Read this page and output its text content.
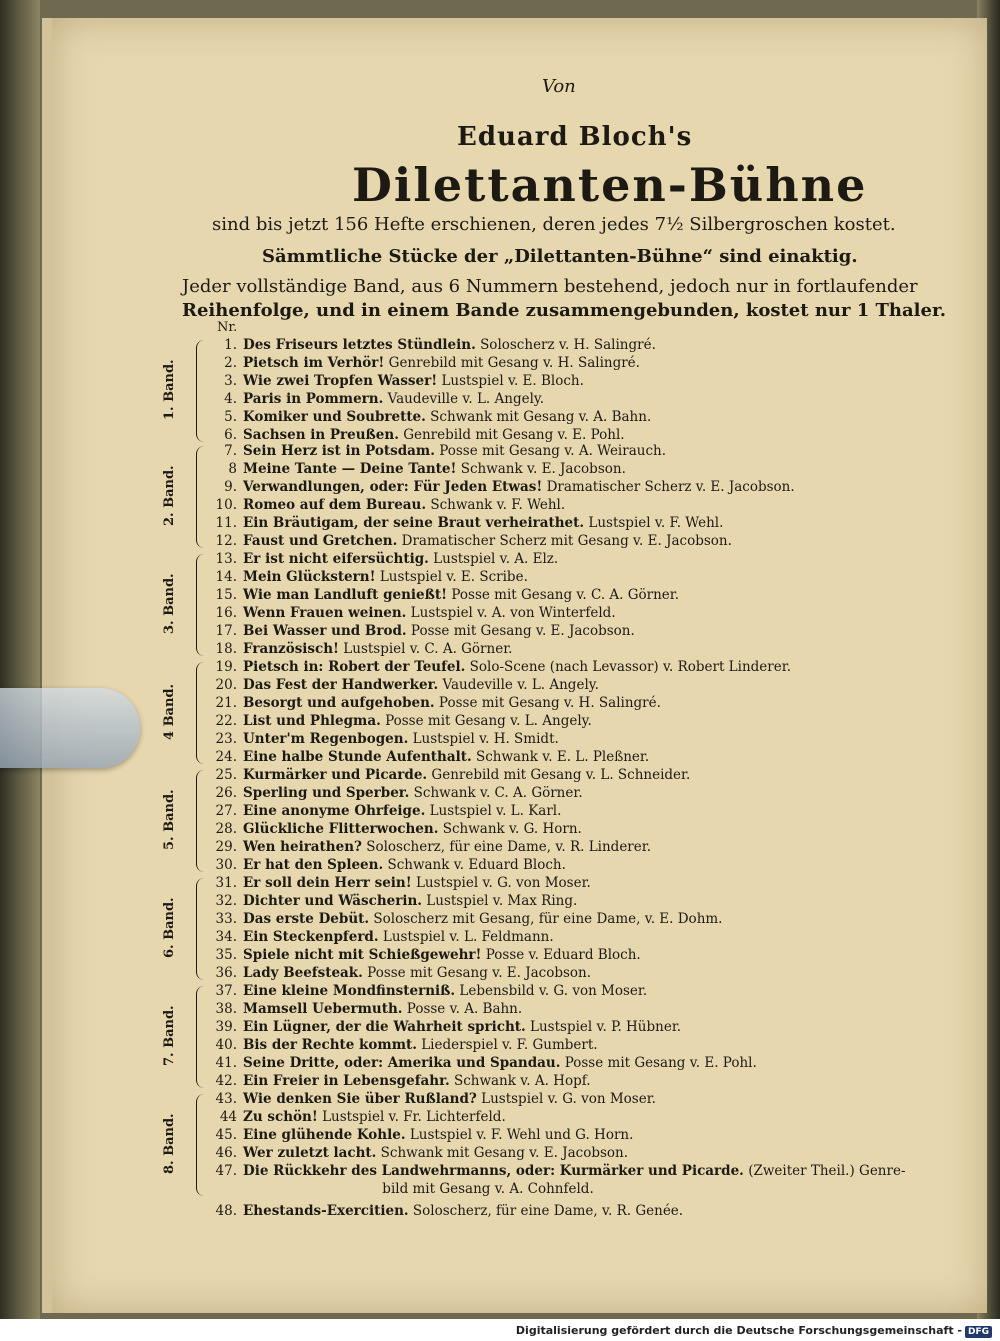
Von
Eduard Bloch's
Dilettanten-Bühne
sind bis jetzt 156 Hefte erschienen, deren jedes 7½ Silbergroschen kostet.
Sämmtliche Stücke der „Dilettanten-Bühne“ sind einaktig.
Jeder vollständige Band, aus 6 Nummern bestehend, jedoch nur in fortlaufender
Reihenfolge, und in einem Bande zusammengebunden, kostet nur 1 Thaler.
Nr.
1. Band.
1. Des Friseurs letztes Stündlein. Soloscherz v. H. Salingré.
2. Pietsch im Verhör! Genrebild mit Gesang v. H. Salingré.
3. Wie zwei Tropfen Wasser! Lustspiel v. E. Bloch.
4. Paris in Pommern. Vaudeville v. L. Angely.
5. Komiker und Soubrette. Schwank mit Gesang v. A. Bahn.
6. Sachsen in Preußen. Genrebild mit Gesang v. E. Pohl.
2. Band.
7. Sein Herz ist in Potsdam. Posse mit Gesang v. A. Weirauch.
8 Meine Tante — Deine Tante! Schwank v. E. Jacobson.
9. Verwandlungen, oder: Für Jeden Etwas! Dramatischer Scherz v. E. Jacobson.
10. Romeo auf dem Bureau. Schwank v. F. Wehl.
11. Ein Bräutigam, der seine Braut verheirathet. Lustspiel v. F. Wehl.
12. Faust und Gretchen. Dramatischer Scherz mit Gesang v. E. Jacobson.
3. Band.
13. Er ist nicht eifersüchtig. Lustspiel v. A. Elz.
14. Mein Glückstern! Lustspiel v. E. Scribe.
15. Wie man Landluft genießt! Posse mit Gesang v. C. A. Görner.
16. Wenn Frauen weinen. Lustspiel v. A. von Winterfeld.
17. Bei Wasser und Brod. Posse mit Gesang v. E. Jacobson.
18. Französisch! Lustspiel v. C. A. Görner.
4 Band.
19. Pietsch in: Robert der Teufel. Solo-Scene (nach Levassor) v. Robert Linderer.
20. Das Fest der Handwerker. Vaudeville v. L. Angely.
21. Besorgt und aufgehoben. Posse mit Gesang v. H. Salingré.
22. List und Phlegma. Posse mit Gesang v. L. Angely.
23. Unter'm Regenbogen. Lustspiel v. H. Smidt.
24. Eine halbe Stunde Aufenthalt. Schwank v. E. L. Pleßner.
5. Band.
25. Kurmärker und Picarde. Genrebild mit Gesang v. L. Schneider.
26. Sperling und Sperber. Schwank v. C. A. Görner.
27. Eine anonyme Ohrfeige. Lustspiel v. L. Karl.
28. Glückliche Flitterwochen. Schwank v. G. Horn.
29. Wen heirathen? Soloscherz, für eine Dame, v. R. Linderer.
30. Er hat den Spleen. Schwank v. Eduard Bloch.
6. Band.
31. Er soll dein Herr sein! Lustspiel v. G. von Moser.
32. Dichter und Wäscherin. Lustspiel v. Max Ring.
33. Das erste Debüt. Soloscherz mit Gesang, für eine Dame, v. E. Dohm.
34. Ein Steckenpferd. Lustspiel v. L. Feldmann.
35. Spiele nicht mit Schießgewehr! Posse v. Eduard Bloch.
36. Lady Beefsteak. Posse mit Gesang v. E. Jacobson.
7. Band.
37. Eine kleine Mondfinsterniß. Lebensbild v. G. von Moser.
38. Mamsell Uebermuth. Posse v. A. Bahn.
39. Ein Lügner, der die Wahrheit spricht. Lustspiel v. P. Hübner.
40. Bis der Rechte kommt. Liederspiel v. F. Gumbert.
41. Seine Dritte, oder: Amerika und Spandau. Posse mit Gesang v. E. Pohl.
42. Ein Freier in Lebensgefahr. Schwank v. A. Hopf.
8. Band.
43. Wie denken Sie über Rußland? Lustspiel v. G. von Moser.
44 Zu schön! Lustspiel v. Fr. Lichterfeld.
45. Eine glühende Kohle. Lustspiel v. F. Wehl und G. Horn.
46. Wer zuletzt lacht. Schwank mit Gesang v. E. Jacobson.
47. Die Rückkehr des Landwehrmanns, oder: Kurmärker und Picarde. (Zweiter Theil.) Genre-
bild mit Gesang v. A. Cohnfeld.
48. Ehestands-Exercitien. Soloscherz, für eine Dame, v. R. Genée.
Digitalisierung gefördert durch die Deutsche Forschungsgemeinschaft - DFG
